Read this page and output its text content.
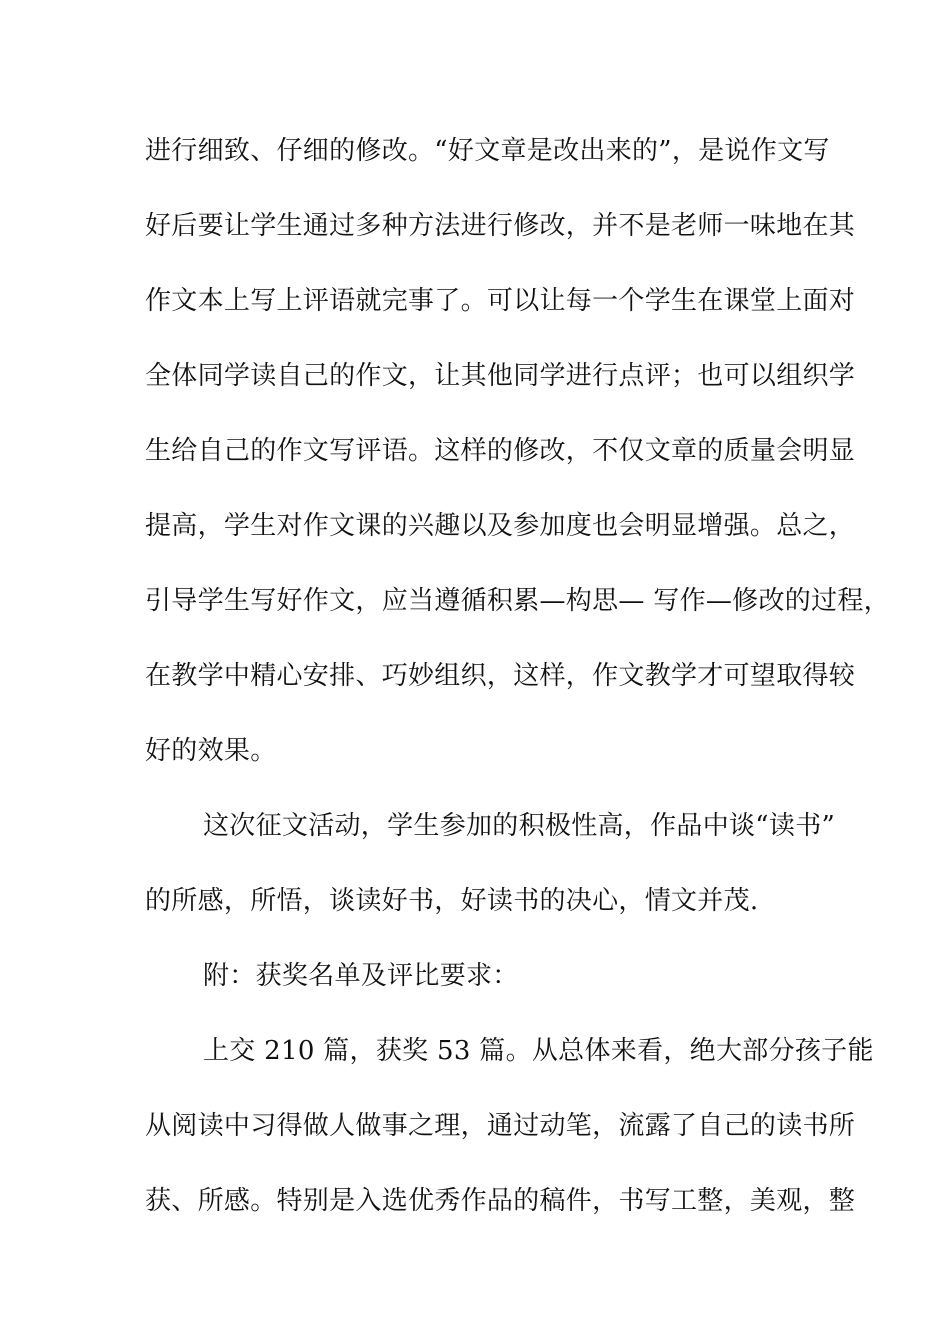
进行细致、仔细的修改。“好文章是改出来的”，是说作文写
好后要让学生通过多种方法进行修改，并不是老师一味地在其
作文本上写上评语就完事了。可以让每一个学生在课堂上面对
全体同学读自己的作文，让其他同学进行点评；也可以组织学
生给自己的作文写评语。这样的修改，不仅文章的质量会明显
提高，学生对作文课的兴趣以及参加度也会明显增强。总之，
引导学生写好作文，应当遵循积累—构思— 写作—修改的过程，
在教学中精心安排、巧妙组织，这样，作文教学才可望取得较
好的效果。
这次征文活动，学生参加的积极性高，作品中谈“读书”
的所感，所悟，谈读好书，好读书的决心，情文并茂.
附：获奖名单及评比要求：
上交 210 篇，获奖 53 篇。从总体来看，绝大部分孩子能
从阅读中习得做人做事之理，通过动笔，流露了自己的读书所
获、所感。特别是入选优秀作品的稿件，书写工整，美观，整
